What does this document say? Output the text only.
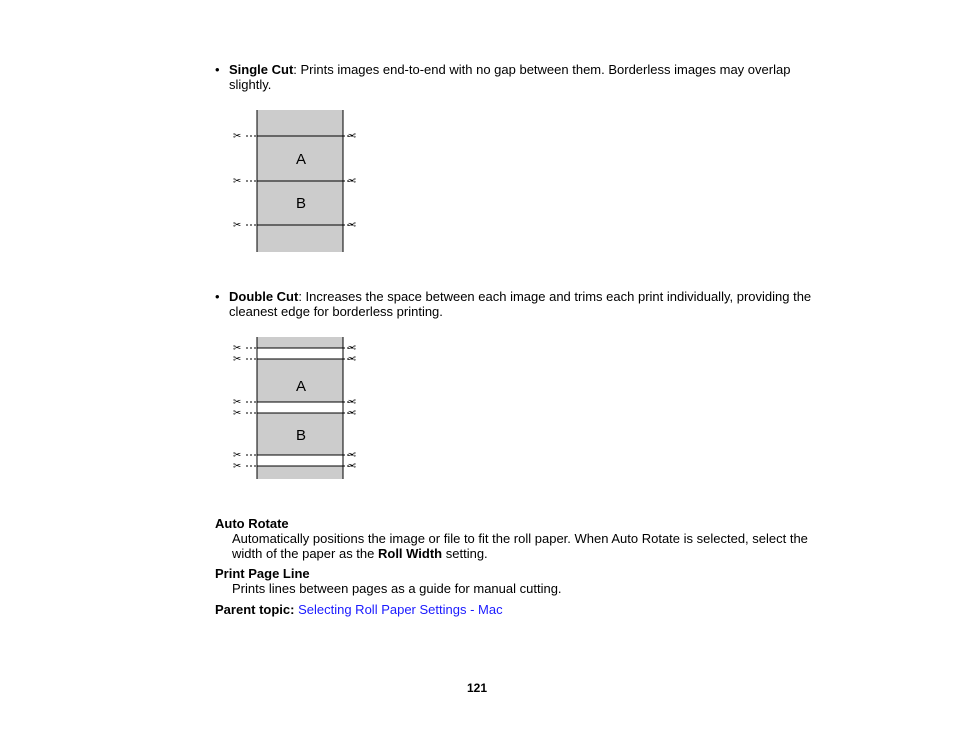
• Single Cut: Prints images end-to-end with no gap between them. Borderless images may overlap slightly.
✂	✂
✂	✂
✂	✂
A
B
• Double Cut: Increases the space between each image and trims each print individually, providing the cleanest edge for borderless printing.
✂	✂
✂	✂
✂	✂
✂	✂
✂	✂
✂	✂
A
B
Auto Rotate
Automatically positions the image or file to fit the roll paper. When Auto Rotate is selected, select the width of the paper as the Roll Width setting.
Print Page Line
Prints lines between pages as a guide for manual cutting.
Parent topic: Selecting Roll Paper Settings - Mac
121
